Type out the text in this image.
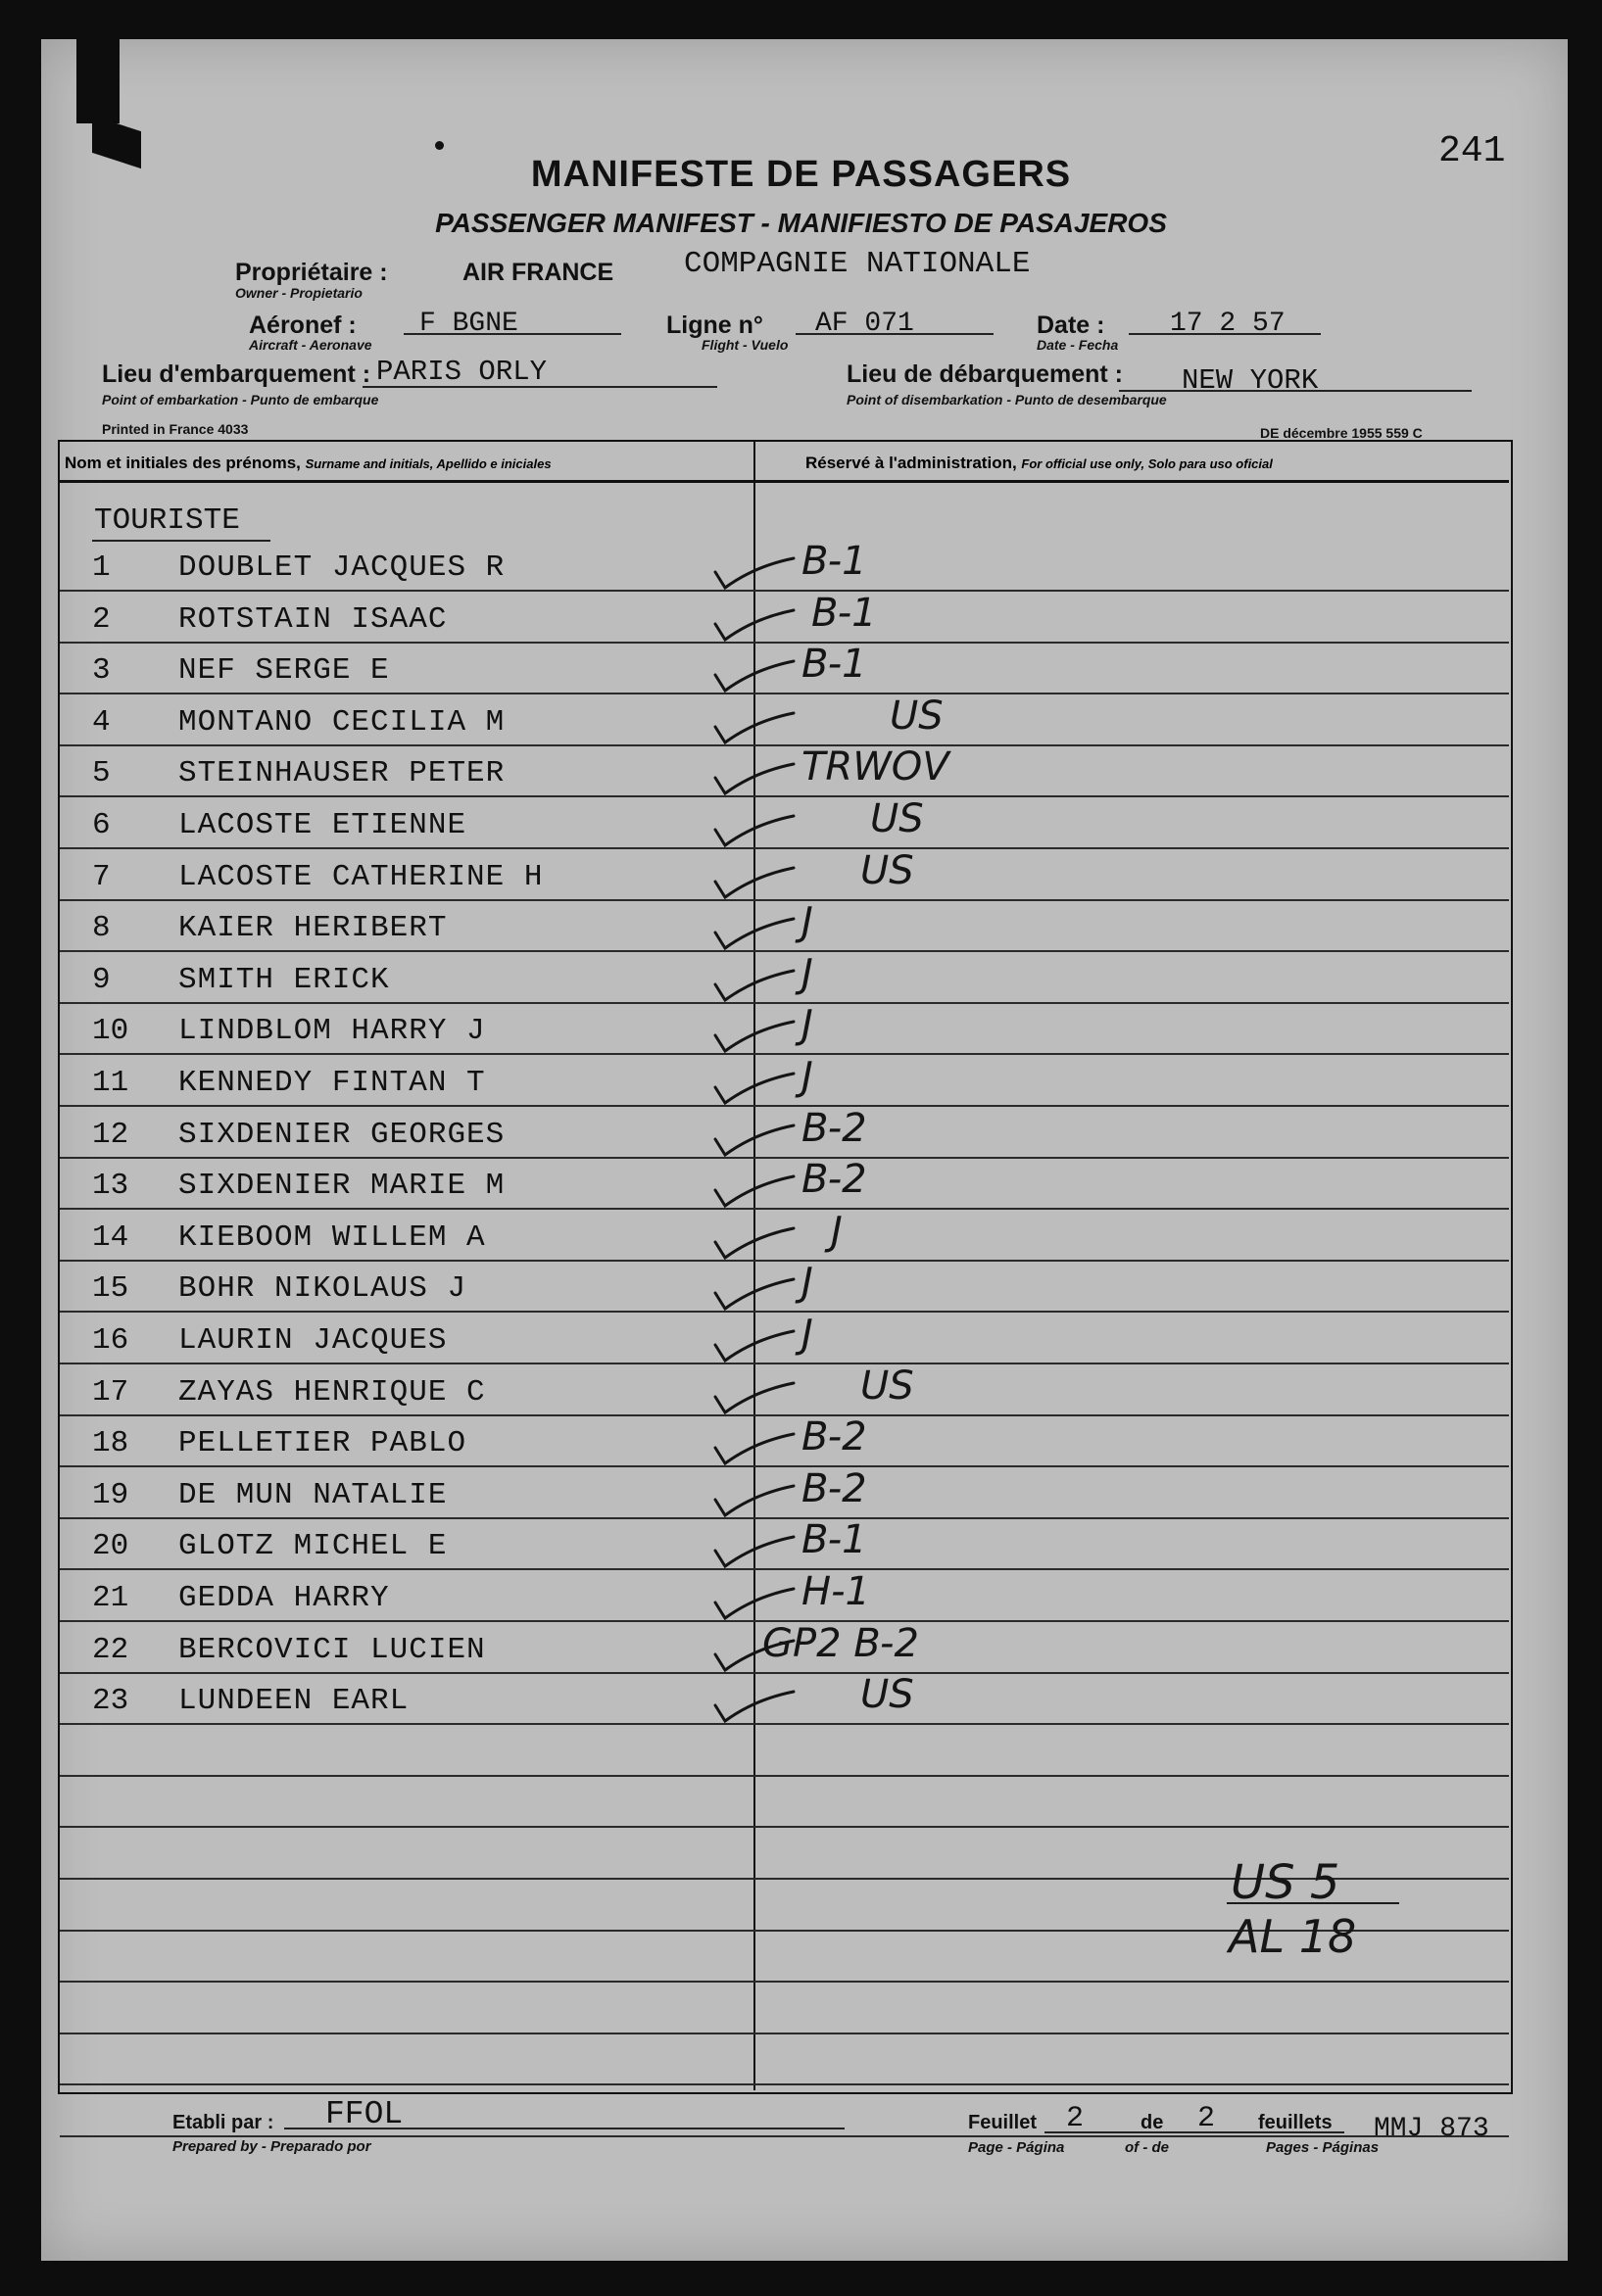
241
MANIFESTE DE PASSAGERS
PASSENGER MANIFEST - MANIFIESTO DE PASAJEROS
Propriétaire :	AIR FRANCE COMPAGNIE NATIONALE
Owner - Propietario
Aéronef : F BGNE
Aircraft - Aeronave
Ligne n° AF 071
Flight - Vuelo
Date : 17 2 57
Date - Fecha
Lieu d'embarquement : PARIS ORLY
Point of embarkation - Punto de embarque
Lieu de débarquement : NEW YORK
Point of disembarkation - Punto de desembarque
Printed in France 4033	DE décembre 1955 559 C
Nom et initiales des prénoms, Surname and initials, Apellido e iniciales	Réservé à l'administration, For official use only, Solo para uso oficial
TOURISTE
1 DOUBLET JACQUES R	B-1
2 ROTSTAIN ISAAC	B-1
3 NEF SERGE E	B-1
4 MONTANO CECILIA M	US
5 STEINHAUSER PETER	TRWOV
6 LACOSTE ETIENNE	US
7 LACOSTE CATHERINE H	US
8 KAIER HERIBERT	J
9 SMITH ERICK	J
10 LINDBLOM HARRY J	J
11 KENNEDY FINTAN T	J
12 SIXDENIER GEORGES	B-2
13 SIXDENIER MARIE M	B-2
14 KIEBOOM WILLEM A	J
15 BOHR NIKOLAUS J	J
16 LAURIN JACQUES	J
17 ZAYAS HENRIQUE C	US
18 PELLETIER PABLO	B-2
19 DE MUN NATALIE	B-2
20 GLOTZ MICHEL E	B-1
21 GEDDA HARRY	H-1
22 BERCOVICI LUCIEN	GP2 B-2
23 LUNDEEN EARL	US
US 5
AL 18
Etabli par : FFOL
Prepared by - Preparado por
Feuillet 2	de 2 feuillets
Page - Página	of - de	Pages - Páginas
MMJ 873
